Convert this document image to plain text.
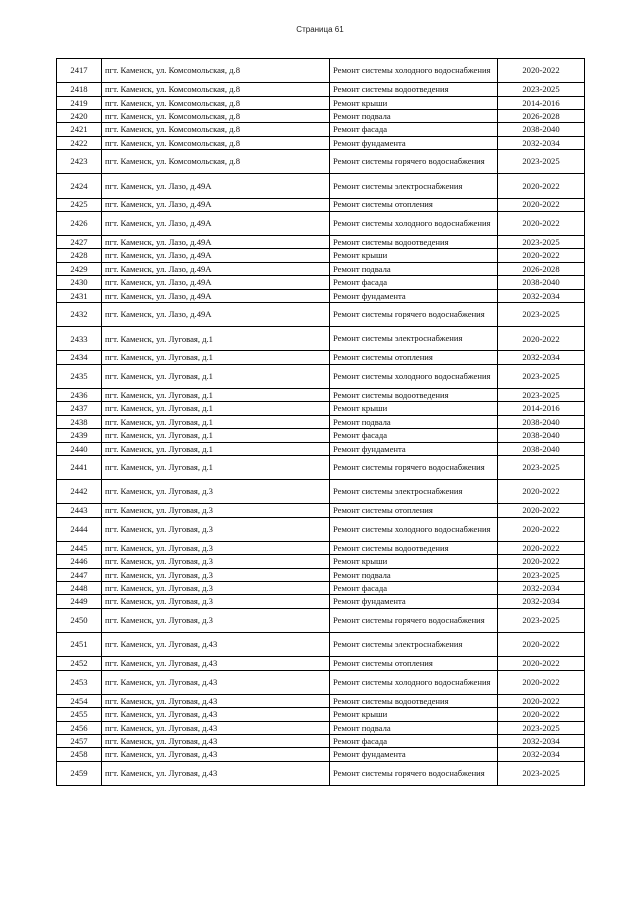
Страница 61
2417	пгт. Каменск, ул. Комсомольская, д.8	Ремонт системы холодного водоснабжения	2020-2022
2418	пгт. Каменск, ул. Комсомольская, д.8	Ремонт системы водоотведения	2023-2025
2419	пгт. Каменск, ул. Комсомольская, д.8	Ремонт крыши	2014-2016
2420	пгт. Каменск, ул. Комсомольская, д.8	Ремонт подвала	2026-2028
2421	пгт. Каменск, ул. Комсомольская, д.8	Ремонт фасада	2038-2040
2422	пгт. Каменск, ул. Комсомольская, д.8	Ремонт фундамента	2032-2034
2423	пгт. Каменск, ул. Комсомольская, д.8	Ремонт системы горячего водоснабжения	2023-2025
2424	пгт. Каменск, ул. Лазо, д.49А	Ремонт системы электроснабжения	2020-2022
2425	пгт. Каменск, ул. Лазо, д.49А	Ремонт системы отопления	2020-2022
2426	пгт. Каменск, ул. Лазо, д.49А	Ремонт системы холодного водоснабжения	2020-2022
2427	пгт. Каменск, ул. Лазо, д.49А	Ремонт системы водоотведения	2023-2025
2428	пгт. Каменск, ул. Лазо, д.49А	Ремонт крыши	2020-2022
2429	пгт. Каменск, ул. Лазо, д.49А	Ремонт подвала	2026-2028
2430	пгт. Каменск, ул. Лазо, д.49А	Ремонт фасада	2038-2040
2431	пгт. Каменск, ул. Лазо, д.49А	Ремонт фундамента	2032-2034
2432	пгт. Каменск, ул. Лазо, д.49А	Ремонт системы горячего водоснабжения	2023-2025
2433	пгт. Каменск, ул. Луговая, д.1	Ремонт системы электроснабжения	2020-2022
2434	пгт. Каменск, ул. Луговая, д.1	Ремонт системы отопления	2032-2034
2435	пгт. Каменск, ул. Луговая, д.1	Ремонт системы холодного водоснабжения	2023-2025
2436	пгт. Каменск, ул. Луговая, д.1	Ремонт системы водоотведения	2023-2025
2437	пгт. Каменск, ул. Луговая, д.1	Ремонт крыши	2014-2016
2438	пгт. Каменск, ул. Луговая, д.1	Ремонт подвала	2038-2040
2439	пгт. Каменск, ул. Луговая, д.1	Ремонт фасада	2038-2040
2440	пгт. Каменск, ул. Луговая, д.1	Ремонт фундамента	2038-2040
2441	пгт. Каменск, ул. Луговая, д.1	Ремонт системы горячего водоснабжения	2023-2025
2442	пгт. Каменск, ул. Луговая, д.3	Ремонт системы электроснабжения	2020-2022
2443	пгт. Каменск, ул. Луговая, д.3	Ремонт системы отопления	2020-2022
2444	пгт. Каменск, ул. Луговая, д.3	Ремонт системы холодного водоснабжения	2020-2022
2445	пгт. Каменск, ул. Луговая, д.3	Ремонт системы водоотведения	2020-2022
2446	пгт. Каменск, ул. Луговая, д.3	Ремонт крыши	2020-2022
2447	пгт. Каменск, ул. Луговая, д.3	Ремонт подвала	2023-2025
2448	пгт. Каменск, ул. Луговая, д.3	Ремонт фасада	2032-2034
2449	пгт. Каменск, ул. Луговая, д.3	Ремонт фундамента	2032-2034
2450	пгт. Каменск, ул. Луговая, д.3	Ремонт системы горячего водоснабжения	2023-2025
2451	пгт. Каменск, ул. Луговая, д.43	Ремонт системы электроснабжения	2020-2022
2452	пгт. Каменск, ул. Луговая, д.43	Ремонт системы отопления	2020-2022
2453	пгт. Каменск, ул. Луговая, д.43	Ремонт системы холодного водоснабжения	2020-2022
2454	пгт. Каменск, ул. Луговая, д.43	Ремонт системы водоотведения	2020-2022
2455	пгт. Каменск, ул. Луговая, д.43	Ремонт крыши	2020-2022
2456	пгт. Каменск, ул. Луговая, д.43	Ремонт подвала	2023-2025
2457	пгт. Каменск, ул. Луговая, д.43	Ремонт фасада	2032-2034
2458	пгт. Каменск, ул. Луговая, д.43	Ремонт фундамента	2032-2034
2459	пгт. Каменск, ул. Луговая, д.43	Ремонт системы горячего водоснабжения	2023-2025
